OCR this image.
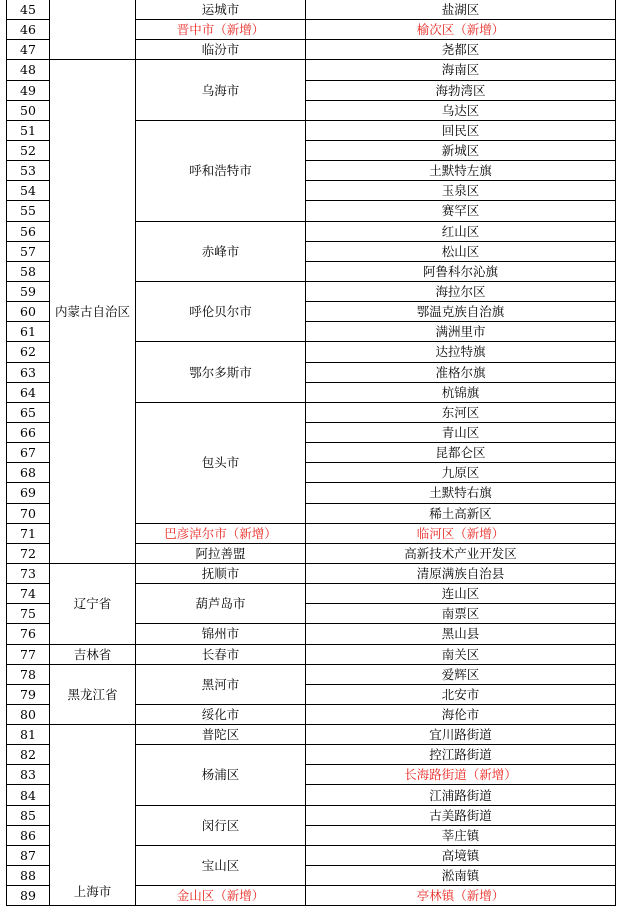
45		运城市	盐湖区
46		晋中市（新增）	榆次区（新增）
47		临汾市	尧都区
48	内蒙古自治区	乌海市	海南区
49			海勃湾区
50			乌达区
51		呼和浩特市	回民区
52			新城区
53			土默特左旗
54			玉泉区
55			赛罕区
56		赤峰市	红山区
57			松山区
58			阿鲁科尔沁旗
59		呼伦贝尔市	海拉尔区
60			鄂温克族自治旗
61			满洲里市
62		鄂尔多斯市	达拉特旗
63			准格尔旗
64			杭锦旗
65		包头市	东河区
66			青山区
67			昆都仑区
68			九原区
69			土默特右旗
70			稀土高新区
71		巴彦淖尔市（新增）	临河区（新增）
72		阿拉善盟	高新技术产业开发区
73	辽宁省	抚顺市	清原满族自治县
74		葫芦岛市	连山区
75			南票区
76		锦州市	黑山县
77	吉林省	长春市	南关区
78	黑龙江省	黑河市	爱辉区
79			北安市
80		绥化市	海伦市
81	上海市	普陀区	宜川路街道
82		杨浦区	控江路街道
83			长海路街道（新增）
84			江浦路街道
85		闵行区	古美路街道
86			莘庄镇
87		宝山区	高境镇
88			淞南镇
89		金山区（新增）	亭林镇（新增）
